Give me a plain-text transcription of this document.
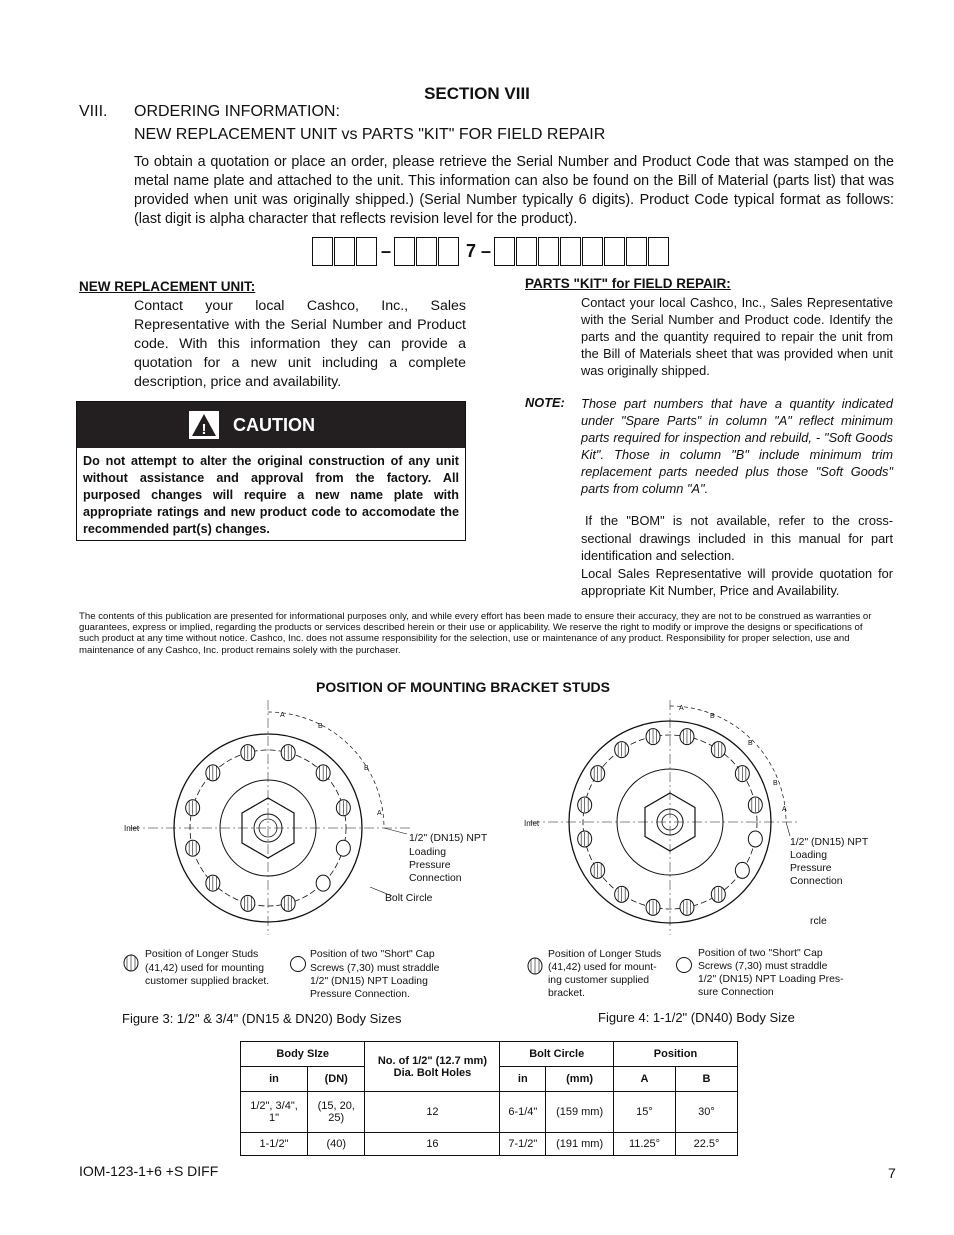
SECTION VIII
VIII. ORDERING INFORMATION:
NEW REPLACEMENT UNIT vs PARTS "KIT" FOR FIELD REPAIR
To obtain a quotation or place an order, please retrieve the Serial Number and Product Code that was stamped on the metal name plate and attached to the unit. This information can also be found on the Bill of Material (parts list) that was provided when unit was originally shipped.) (Serial Number typically 6 digits). Product Code typical format as follows: (last digit is alpha character that reflects revision level for the product).
–	7 –
NEW REPLACEMENT UNIT:
Contact your local Cashco, Inc., Sales Representative with the Serial Number and Product code. With this information they can provide a quotation for a new unit including a complete description, price and availability.
! CAUTION
Do not attempt to alter the original construction of any unit without assistance and approval from the factory. All purposed changes will require a new name plate with appropriate ratings and new product code to accomodate the recommended part(s) changes.
PARTS "KIT" for FIELD REPAIR:
Contact your local Cashco, Inc., Sales Representative with the Serial Number and Product code. Identify the parts and the quantity required to repair the unit from the Bill of Materials sheet that was provided when unit was originally shipped.
NOTE: Those part numbers that have a quantity indicated under "Spare Parts" in column "A" reflect minimum parts required for inspection and rebuild, - "Soft Goods Kit". Those in column "B" include minimum trim replacement parts needed plus those "Soft Goods" parts from column "A".
If the "BOM" is not available, refer to the cross-sectional drawings included in this manual for part identification and selection.
Local Sales Representative will provide quotation for appropriate Kit Number, Price and Availability.
The contents of this publication are presented for informational purposes only, and while every effort has been made to ensure their accuracy, they are not to be construed as warranties or guarantees, express or implied, regarding the products or services described herein or their use or applicability. We reserve the right to modify or improve the designs or specifications of such product at any time without notice. Cashco, Inc. does not assume responsibility for the selection, use or maintenance of any product. Responsibility for proper selection, use and maintenance of any Cashco, Inc. product remains solely with the purchaser.
POSITION OF MOUNTING BRACKET STUDS
A
B
B
A
Inlet
1/2" (DN15) NPT
Loading
Pressure
Connection
Bolt Circle
Position of Longer Studs
(41,42) used for mounting
customer supplied bracket.
Position of two "Short" Cap
Screws (7,30) must straddle
1/2" (DN15) NPT Loading
Pressure Connection.
Figure 3: 1/2" & 3/4" (DN15 & DN20) Body Sizes
A
B
B
B
A
Inlet
1/2" (DN15) NPT
Loading
Pressure
Connection
rcle
Position of Longer Studs
(41,42) used for mount-
ing customer supplied
bracket.
Position of two "Short" Cap
Screws (7,30) must straddle
1/2" (DN15) NPT Loading Pres-
sure Connection
Figure 4: 1-1/2" (DN40) Body Size
Body SIze		No. of 1/2" (12.7 mm) Dia. Bolt Holes	Bolt Circle		Position	
in	(DN)		in	(mm)	A	B
1/2", 3/4", 1"	(15, 20, 25)	12	6-1/4"	(159 mm)	15°	30°
1-1/2"	(40)	16	7-1/2"	(191 mm)	11.25°	22.5°
IOM-123-1+6 +S DIFF	7
